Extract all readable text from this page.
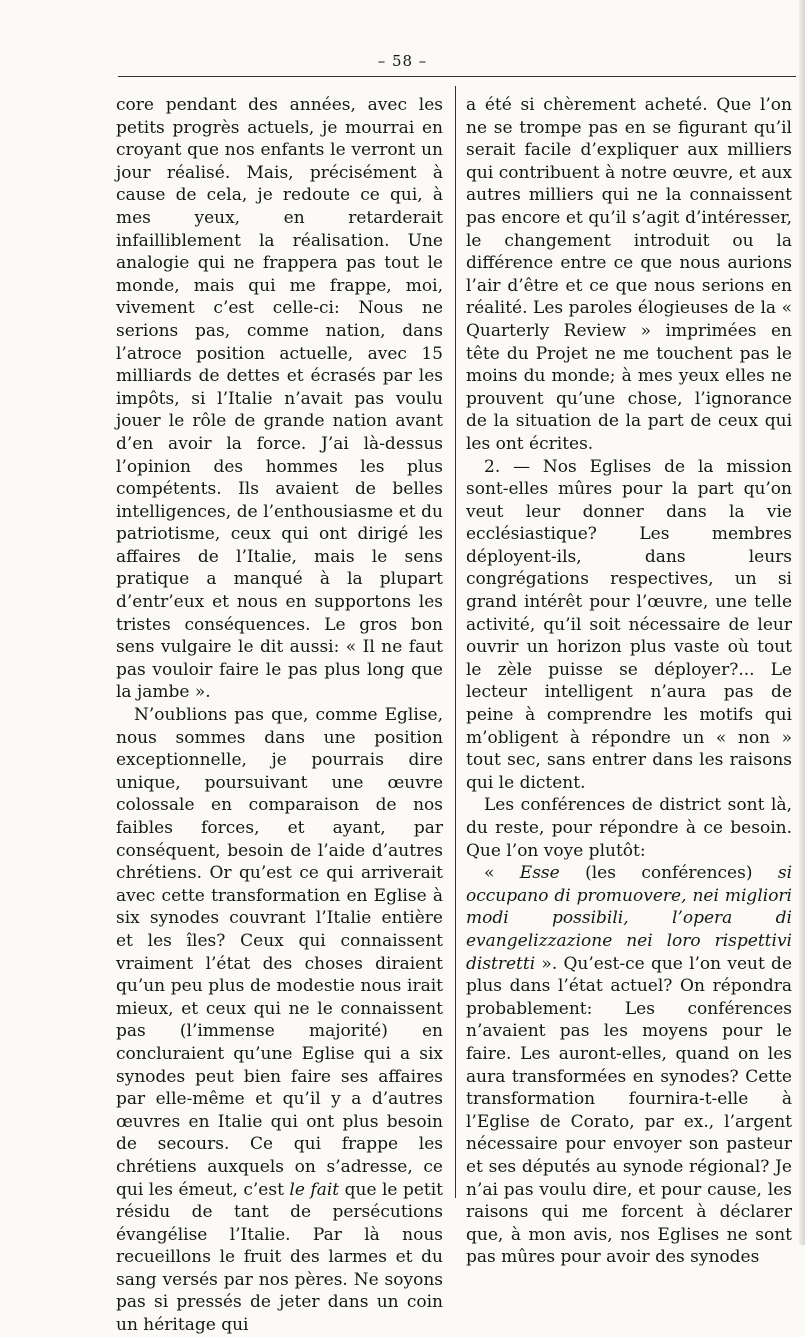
– 58 –

core pendant des années, avec les petits progrès actuels, je mourrai en croyant que nos enfants le verront un jour réalisé. Mais, précisément à cause de cela, je redoute ce qui, à mes yeux, en retarderait infailliblement la réalisation. Une analogie qui ne frappera pas tout le monde, mais qui me frappe, moi, vivement c’est celle-ci: Nous ne serions pas, comme nation, dans l’atroce position actuelle, avec 15 milliards de dettes et écrasés par les impôts, si l’Italie n’avait pas voulu jouer le rôle de grande nation avant d’en avoir la force. J’ai là-dessus l’opinion des hommes les plus compétents. Ils avaient de belles intelligences, de l’enthousiasme et du patriotisme, ceux qui ont dirigé les affaires de l’Italie, mais le sens pratique a manqué à la plupart d’entr’eux et nous en supportons les tristes conséquences. Le gros bon sens vulgaire le dit aussi: « Il ne faut pas vouloir faire le pas plus long que la jambe ».

N’oublions pas que, comme Eglise, nous sommes dans une position exceptionnelle, je pourrais dire unique, poursuivant une œuvre colossale en comparaison de nos faibles forces, et ayant, par conséquent, besoin de l’aide d’autres chrétiens. Or qu’est ce qui arriverait avec cette transformation en Eglise à six synodes couvrant l’Italie entière et les îles? Ceux qui connaissent vraiment l’état des choses diraient qu’un peu plus de modestie nous irait mieux, et ceux qui ne le connaissent pas (l’immense majorité) en concluraient qu’une Eglise qui a six synodes peut bien faire ses affaires par elle-même et qu’il y a d’autres œuvres en Italie qui ont plus besoin de secours. Ce qui frappe les chrétiens auxquels on s’adresse, ce qui les émeut, c’est le fait que le petit résidu de tant de persécutions évangélise l’Italie. Par là nous recueillons le fruit des larmes et du sang versés par nos pères. Ne soyons pas si pressés de jeter dans un coin un héritage qui

a été si chèrement acheté. Que l’on ne se trompe pas en se figurant qu’il serait facile d’expliquer aux milliers qui contribuent à notre œuvre, et aux autres milliers qui ne la connaissent pas encore et qu’il s’agit d’intéresser, le changement introduit ou la différence entre ce que nous aurions l’air d’être et ce que nous serions en réalité. Les paroles élogieuses de la « Quarterly Review » imprimées en tête du Projet ne me touchent pas le moins du monde; à mes yeux elles ne prouvent qu’une chose, l’ignorance de la situation de la part de ceux qui les ont écrites.

2. — Nos Eglises de la mission sont-elles mûres pour la part qu’on veut leur donner dans la vie ecclésiastique? Les membres déployent-ils, dans leurs congrégations respectives, un si grand intérêt pour l’œuvre, une telle activité, qu’il soit nécessaire de leur ouvrir un horizon plus vaste où tout le zèle puisse se déployer?... Le lecteur intelligent n’aura pas de peine à comprendre les motifs qui m’obligent à répondre un « non » tout sec, sans entrer dans les raisons qui le dictent.

Les conférences de district sont là, du reste, pour répondre à ce besoin. Que l’on voye plutôt:

« Esse (les conférences) si occupano di promuovere, nei migliori modi possibili, l’opera di evangelizzazione nei loro rispettivi distretti ». Qu’est-ce que l’on veut de plus dans l’état actuel? On répondra probablement: Les conférences n’avaient pas les moyens pour le faire. Les auront-elles, quand on les aura transformées en synodes? Cette transformation fournira-t-elle à l’Eglise de Corato, par ex., l’argent nécessaire pour envoyer son pasteur et ses députés au synode régional? Je n’ai pas voulu dire, et pour cause, les raisons qui me forcent à déclarer que, à mon avis, nos Eglises ne sont pas mûres pour avoir des synodes
